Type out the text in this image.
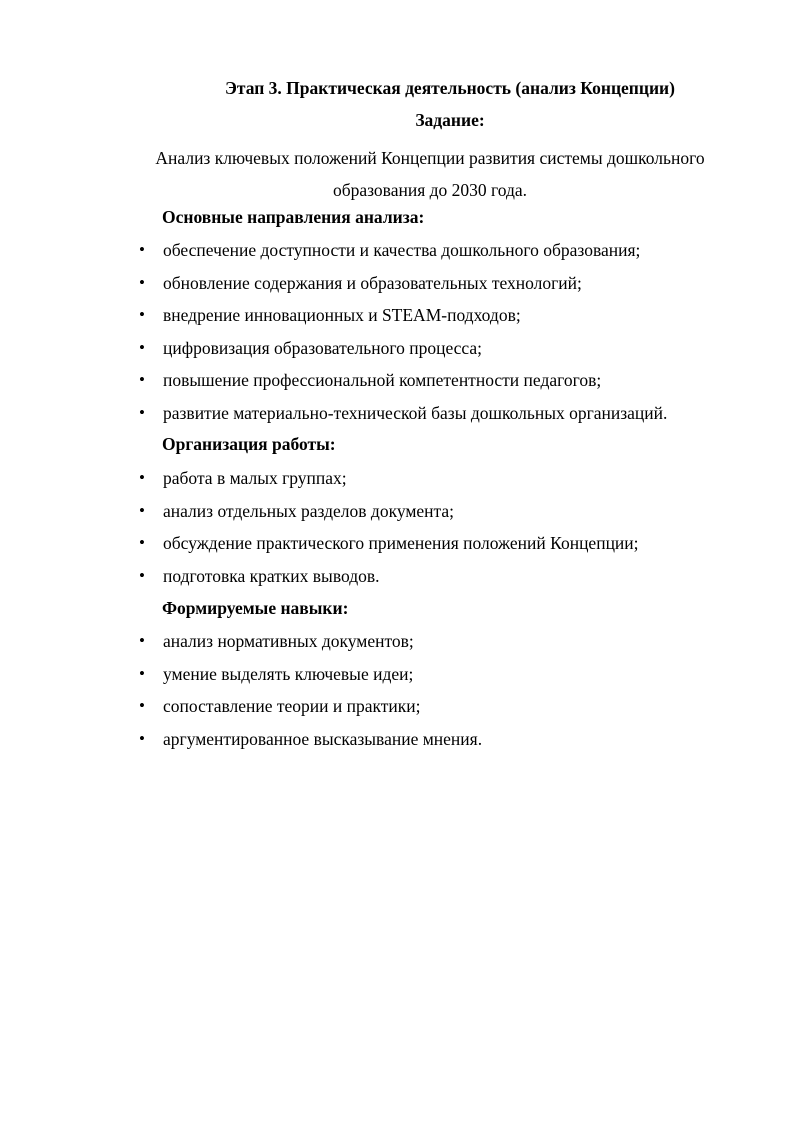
Этап 3. Практическая деятельность (анализ Концепции)
Задание:
Анализ ключевых положений Концепции развития системы дошкольного образования до 2030 года.
Основные направления анализа:
• обеспечение доступности и качества дошкольного образования;
• обновление содержания и образовательных технологий;
• внедрение инновационных и STEAM-подходов;
• цифровизация образовательного процесса;
• повышение профессиональной компетентности педагогов;
• развитие материально-технической базы дошкольных организаций.
Организация работы:
• работа в малых группах;
• анализ отдельных разделов документа;
• обсуждение практического применения положений Концепции;
• подготовка кратких выводов.
Формируемые навыки:
• анализ нормативных документов;
• умение выделять ключевые идеи;
• сопоставление теории и практики;
• аргументированное высказывание мнения.
